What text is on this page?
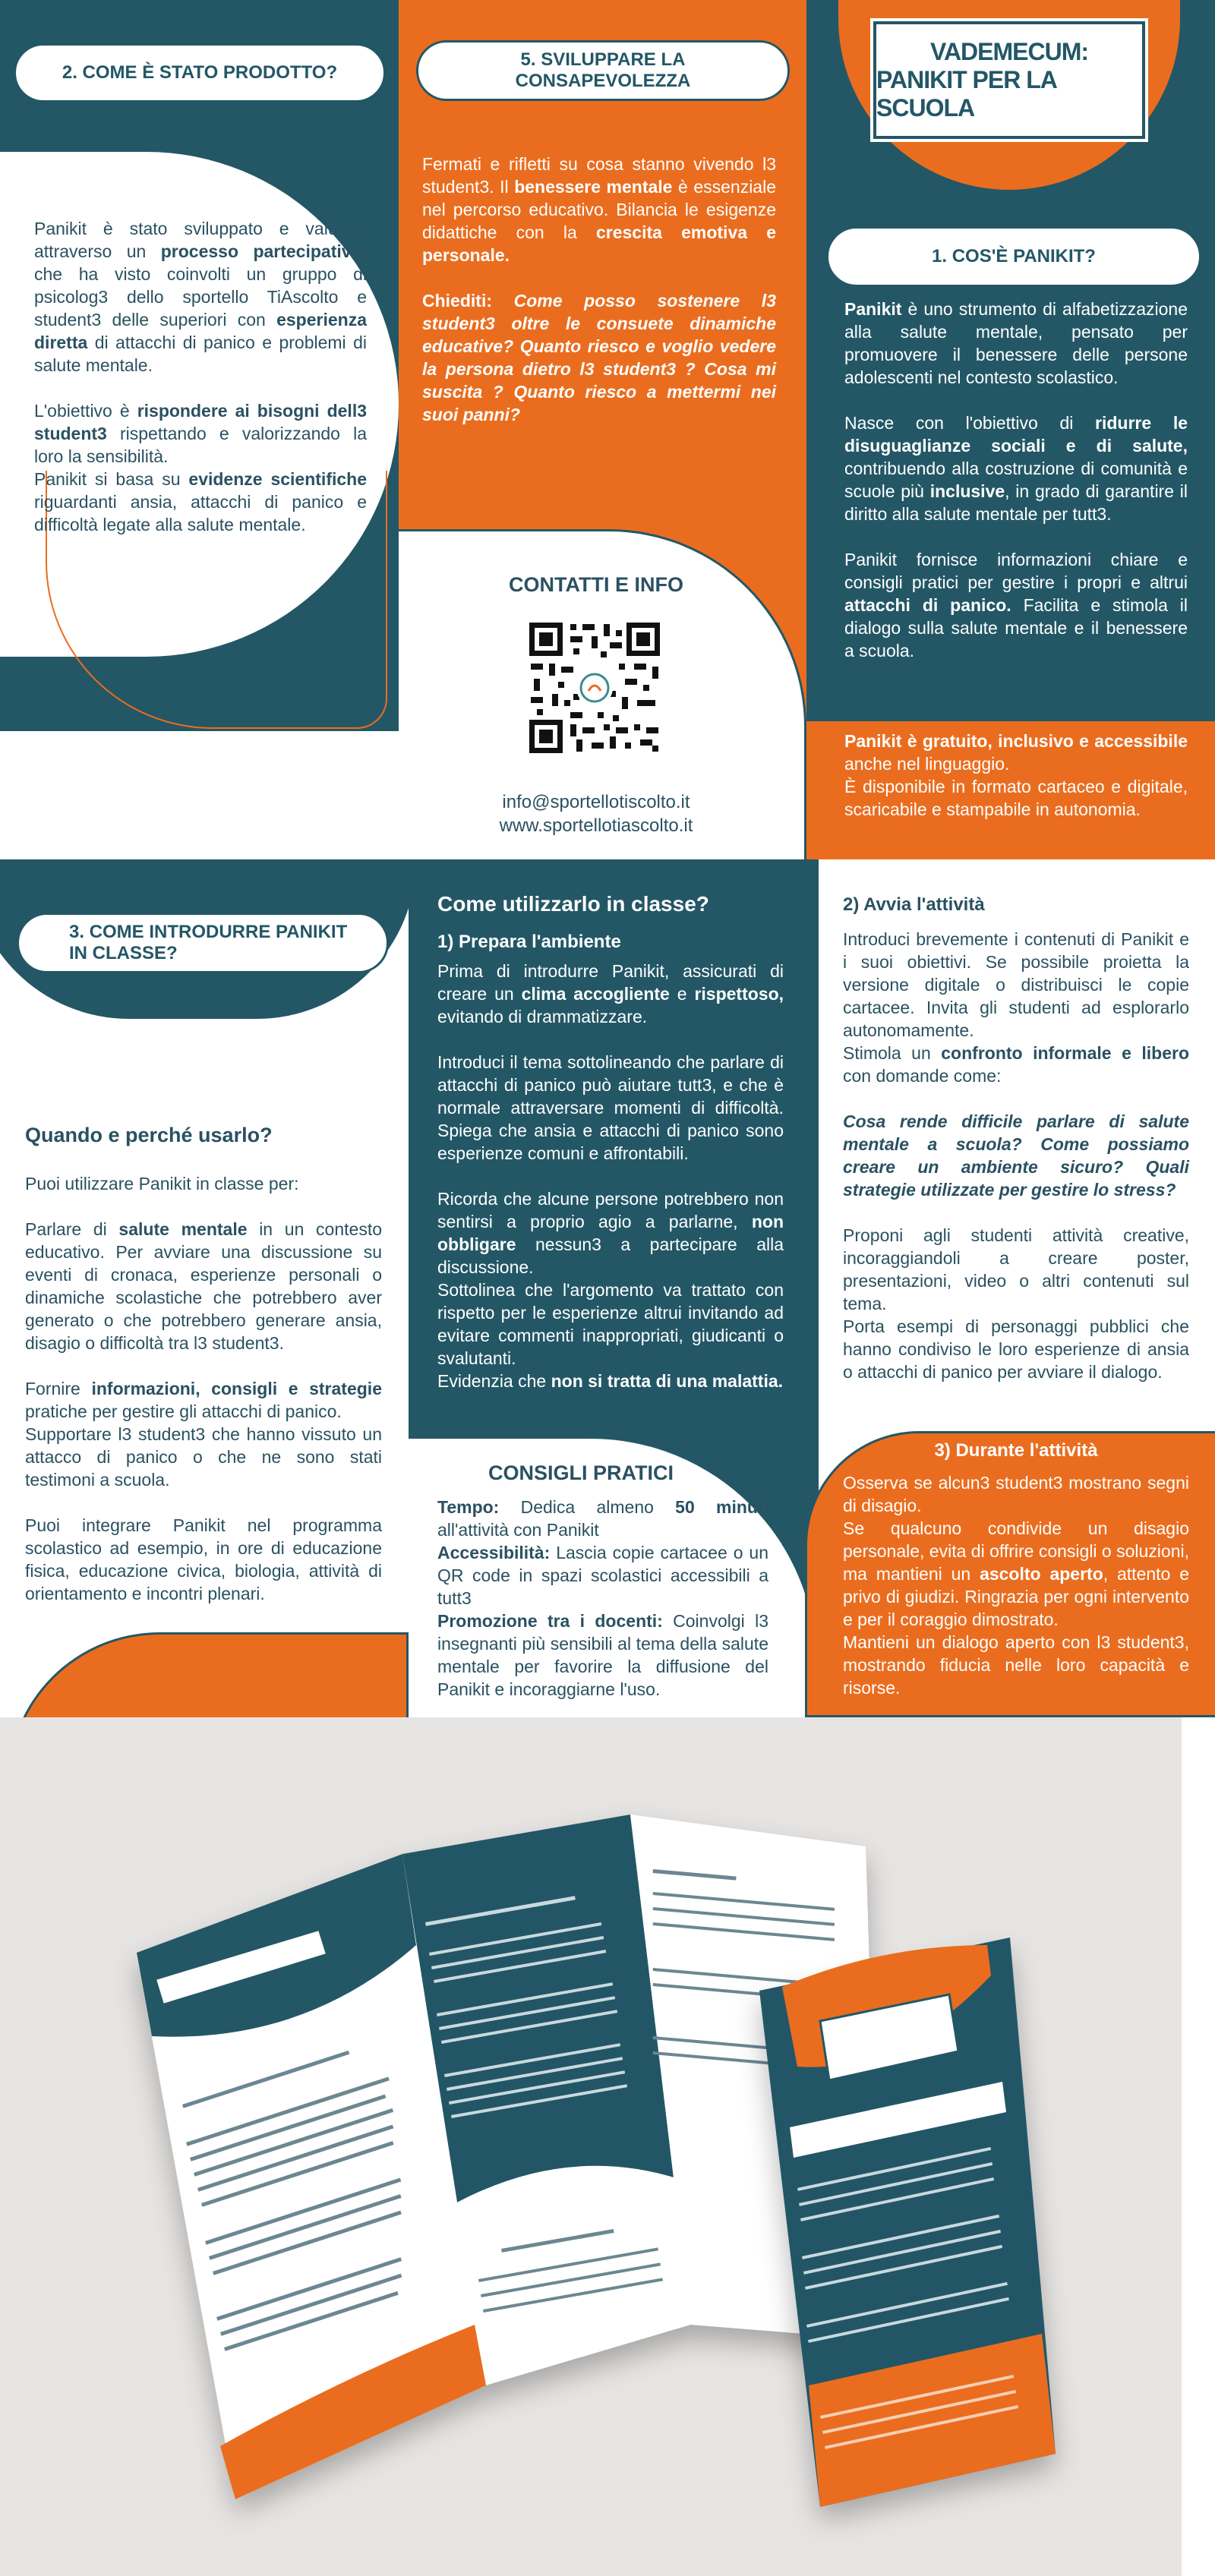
2. COME È STATO PRODOTTO?

Panikit è stato sviluppato e valutato attraverso un processo partecipativo, che ha visto coinvolti un gruppo di psicolog3 dello sportello TiAscolto e student3 delle superiori con esperienza diretta di attacchi di panico e problemi di salute mentale.

L'obiettivo è rispondere ai bisogni dell3 student3 rispettando e valorizzando la loro la sensibilità.

Panikit si basa su evidenze scientifiche riguardanti ansia, attacchi di panico e difficoltà legate alla salute mentale.

5. SVILUPPARE LA
CONSAPEVOLEZZA

Fermati e rifletti su cosa stanno vivendo l3 student3. Il benessere mentale è essenziale nel percorso educativo. Bilancia le esigenze didattiche con la crescita emotiva e personale.

Chiediti: Come posso sostenere l3 student3 oltre le consuete dinamiche educative? Quanto riesco e voglio vedere la persona dietro l3 student3 ? Cosa mi suscita ? Quanto riesco a mettermi nei suoi panni?

CONTATTI E INFO
info@sportellotiscolto.it
www.sportellotiascolto.it
VADEMECUM:
PANIKIT PER LA SCUOLA
1. COS'È PANIKIT?

Panikit è uno strumento di alfabetizzazione alla salute mentale, pensato per promuovere il benessere delle persone adolescenti nel contesto scolastico.

Nasce con l'obiettivo di ridurre le disuguaglianze sociali e di salute, contribuendo alla costruzione di comunità e scuole più inclusive, in grado di garantire il diritto alla salute mentale per tutt3.

Panikit fornisce informazioni chiare e consigli pratici per gestire i propri e altrui attacchi di panico. Facilita e stimola il dialogo sulla salute mentale e il benessere a scuola.

Panikit è gratuito, inclusivo e accessibile anche nel linguaggio.

È disponibile in formato cartaceo e digitale, scaricabile e stampabile in autonomia.

3. COME INTRODURRE PANIKIT
IN CLASSE?
Quando e perché usarlo?

Puoi utilizzare Panikit in classe per:

Parlare di salute mentale in un contesto educativo. Per avviare una discussione su eventi di cronaca, esperienze personali o dinamiche scolastiche che potrebbero aver generato o che potrebbero generare ansia, disagio o difficoltà tra l3 student3.

Fornire informazioni, consigli e strategie pratiche per gestire gli attacchi di panico.
Supportare l3 student3 che hanno vissuto un attacco di panico o che ne sono stati testimoni a scuola.

Puoi integrare Panikit nel programma scolastico ad esempio, in ore di educazione fisica, educazione civica, biologia, attività di orientamento e incontri plenari.

Come utilizzarlo in classe?
1) Prepara l'ambiente

Prima di introdurre Panikit, assicurati di creare un clima accogliente e rispettoso, evitando di drammatizzare.

Introduci il tema sottolineando che parlare di attacchi di panico può aiutare tutt3, e che è normale attraversare momenti di difficoltà. Spiega che ansia e attacchi di panico sono esperienze comuni e affrontabili.

Ricorda che alcune persone potrebbero non sentirsi a proprio agio a parlarne, non obbligare nessun3 a partecipare alla discussione.
Sottolinea che l'argomento va trattato con rispetto per le esperienze altrui invitando ad evitare commenti inappropriati, giudicanti o svalutanti.
Evidenzia che non si tratta di una malattia.

CONSIGLI PRATICI

Tempo: Dedica almeno 50 minuti all'attività con Panikit

Accessibilità: Lascia copie cartacee o un QR code in spazi scolastici accessibili a tutt3

Promozione tra i docenti: Coinvolgi l3 insegnanti più sensibili al tema della salute mentale per favorire la diffusione del Panikit e incoraggiarne l'uso.

2) Avvia l'attività

Introduci brevemente i contenuti di Panikit e i suoi obiettivi. Se possibile proietta la versione digitale o distribuisci le copie cartacee. Invita gli studenti ad esplorarlo autonomamente.
Stimola un confronto informale e libero con domande come:

Cosa rende difficile parlare di salute mentale a scuola? Come possiamo creare un ambiente sicuro? Quali strategie utilizzate per gestire lo stress?

Proponi agli studenti attività creative, incoraggiandoli a creare poster, presentazioni, video o altri contenuti sul tema.

Porta esempi di personaggi pubblici che hanno condiviso le loro esperienze di ansia o attacchi di panico per avviare il dialogo.

3) Durante l'attività

Osserva se alcun3 student3 mostrano segni di disagio.

Se qualcuno condivide un disagio personale, evita di offrire consigli o soluzioni, ma mantieni un ascolto aperto, attento e privo di giudizi. Ringrazia per ogni intervento e per il coraggio dimostrato.

Mantieni un dialogo aperto con l3 student3, mostrando fiducia nelle loro capacità e risorse.
